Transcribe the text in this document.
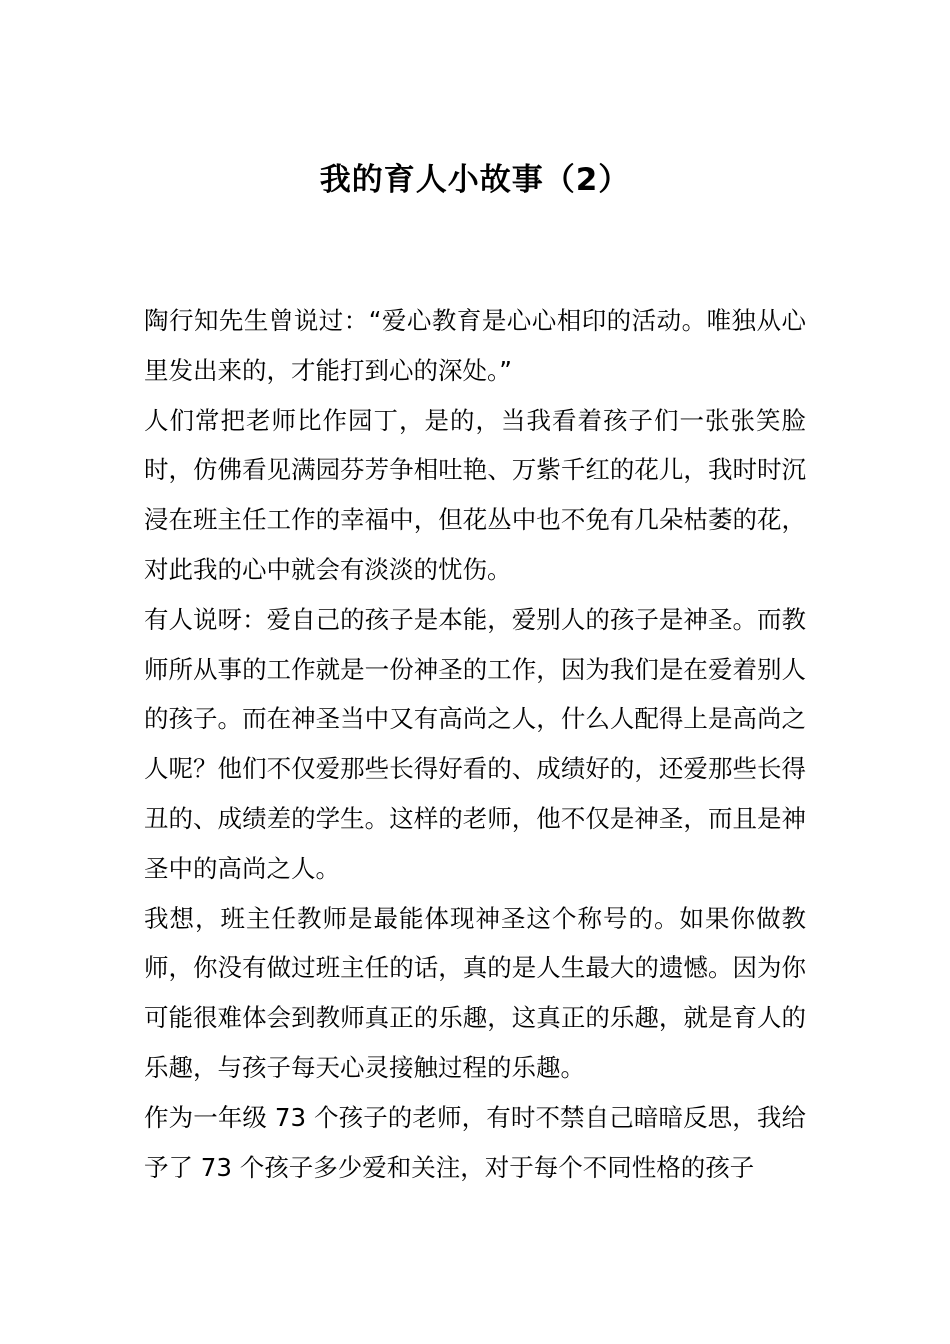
我的育人小故事（2）

陶行知先生曾说过：“爱心教育是心心相印的活动。唯独从心里发出来的，才能打到心的深处。”

人们常把老师比作园丁，是的，当我看着孩子们一张张笑脸时，仿佛看见满园芬芳争相吐艳、万紫千红的花儿，我时时沉浸在班主任工作的幸福中，但花丛中也不免有几朵枯萎的花，对此我的心中就会有淡淡的忧伤。

有人说呀：爱自己的孩子是本能，爱别人的孩子是神圣。而教师所从事的工作就是一份神圣的工作，因为我们是在爱着别人的孩子。而在神圣当中又有高尚之人，什么人配得上是高尚之人呢？他们不仅爱那些长得好看的、成绩好的，还爱那些长得丑的、成绩差的学生。这样的老师，他不仅是神圣，而且是神圣中的高尚之人。

我想，班主任教师是最能体现神圣这个称号的。如果你做教师，你没有做过班主任的话，真的是人生最大的遗憾。因为你可能很难体会到教师真正的乐趣，这真正的乐趣，就是育人的乐趣，与孩子每天心灵接触过程的乐趣。

作为一年级 73 个孩子的老师，有时不禁自己暗暗反思，我给予了 73 个孩子多少爱和关注，对于每个不同性格的孩子
